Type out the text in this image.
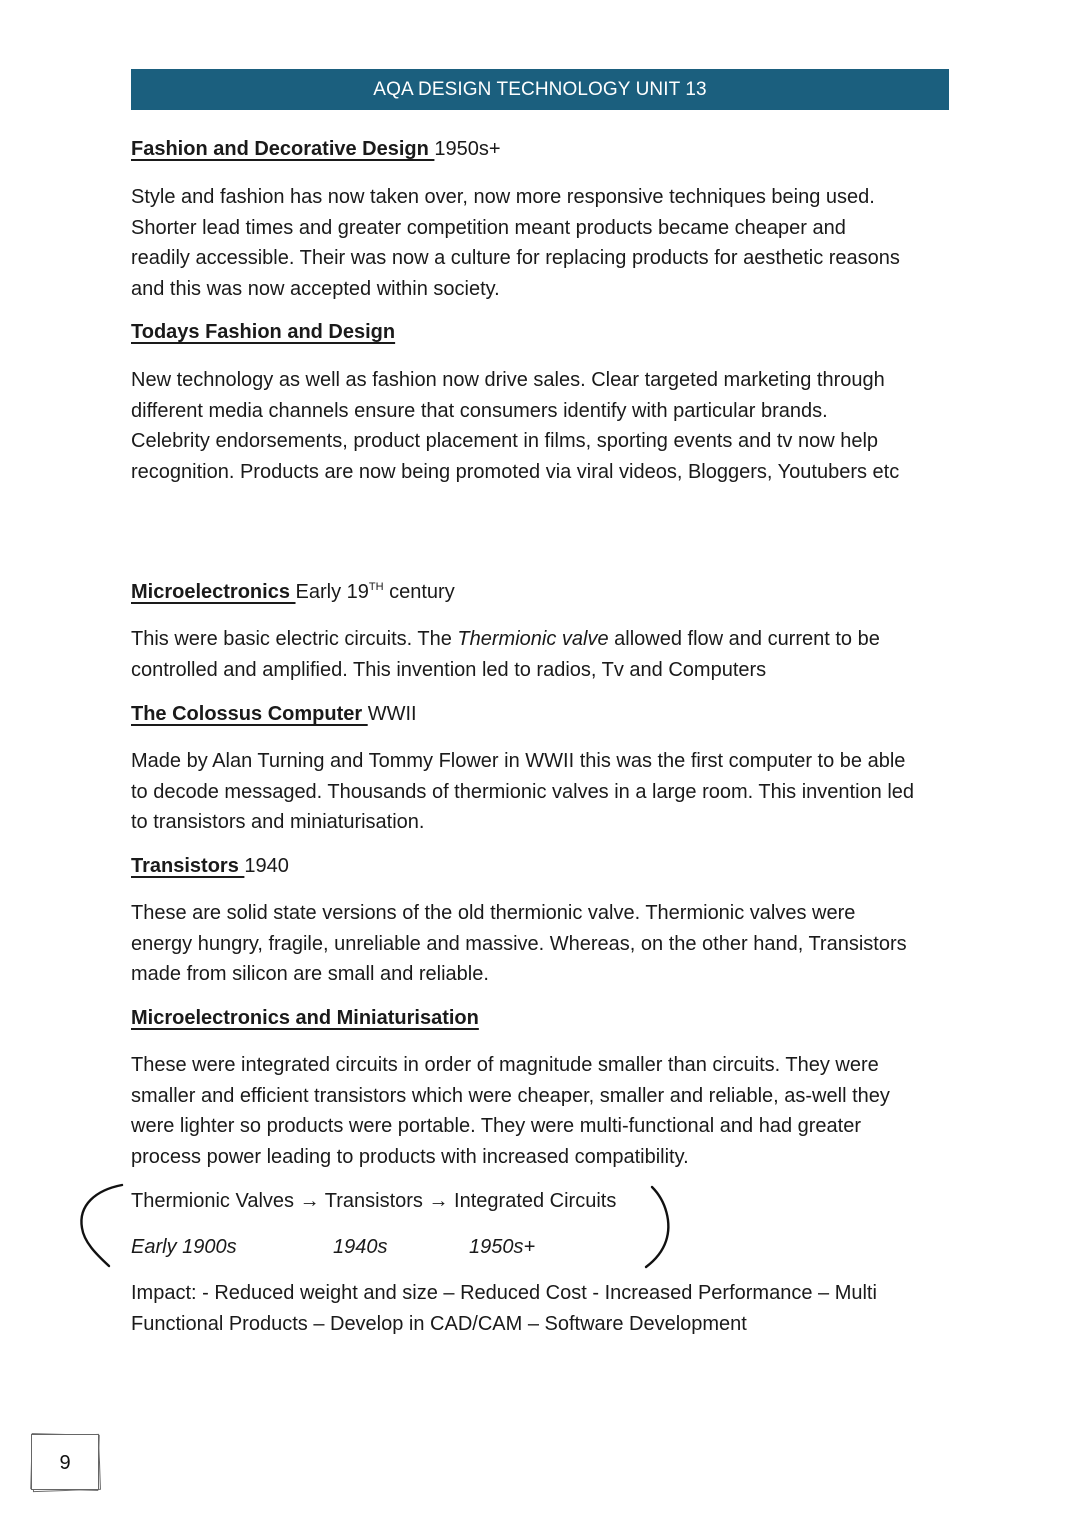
AQA DESIGN TECHNOLOGY UNIT 13
Fashion and Decorative Design 1950s+

Style and fashion has now taken over, now more responsive techniques being used.
Shorter lead times and greater competition meant products became cheaper and
readily accessible. Their was now a culture for replacing products for aesthetic reasons
and this was now accepted within society.

Todays Fashion and Design

New technology as well as fashion now drive sales. Clear targeted marketing through
different media channels ensure that consumers identify with particular brands.
Celebrity endorsements, product placement in films, sporting events and tv now help
recognition. Products are now being promoted via viral videos, Bloggers, Youtubers etc

Microelectronics Early 19TH century

This were basic electric circuits. The Thermionic valve allowed flow and current to be
controlled and amplified. This invention led to radios, Tv and Computers

The Colossus Computer WWII

Made by Alan Turning and Tommy Flower in WWII this was the first computer to be able
to decode messaged. Thousands of thermionic valves in a large room. This invention led
to transistors and miniaturisation.

Transistors 1940

These are solid state versions of the old thermionic valve. Thermionic valves were
energy hungry, fragile, unreliable and massive. Whereas, on the other hand, Transistors
made from silicon are small and reliable.

Microelectronics and Miniaturisation

These were integrated circuits in order of magnitude smaller than circuits. They were
smaller and efficient transistors which were cheaper, smaller and reliable, as-well they
were lighter so products were portable. They were multi-functional and had greater
process power leading to products with increased compatibility.

Thermionic Valves → Transistors → Integrated Circuits
Early 1900s	1940s	1950s+

Impact: - Reduced weight and size – Reduced Cost - Increased Performance – Multi
Functional Products – Develop in CAD/CAM – Software Development

9
